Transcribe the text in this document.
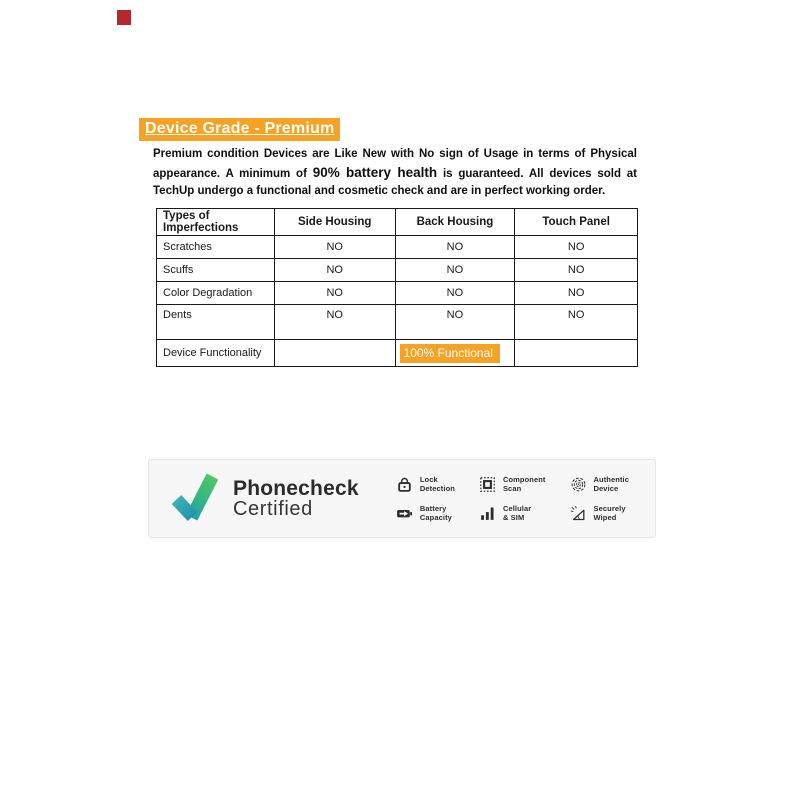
Device Grade - Premium

Premium condition Devices are Like New with No sign of Usage in terms of Physical appearance. A minimum of 90% battery health is guaranteed. All devices sold at TechUp undergo a functional and cosmetic check and are in perfect working order.

Types of Imperfections	Side Housing	Back Housing	Touch Panel
Scratches	NO	NO	NO
Scuffs	NO	NO	NO
Color Degradation	NO	NO	NO
Dents	NO	NO	NO
Device Functionality		100% Functional	
Phonecheck
Certified
Lock
Detection
Battery
Capacity
Component
Scan
Cellular
& SIM
Authentic
Device
Securely
Wiped
